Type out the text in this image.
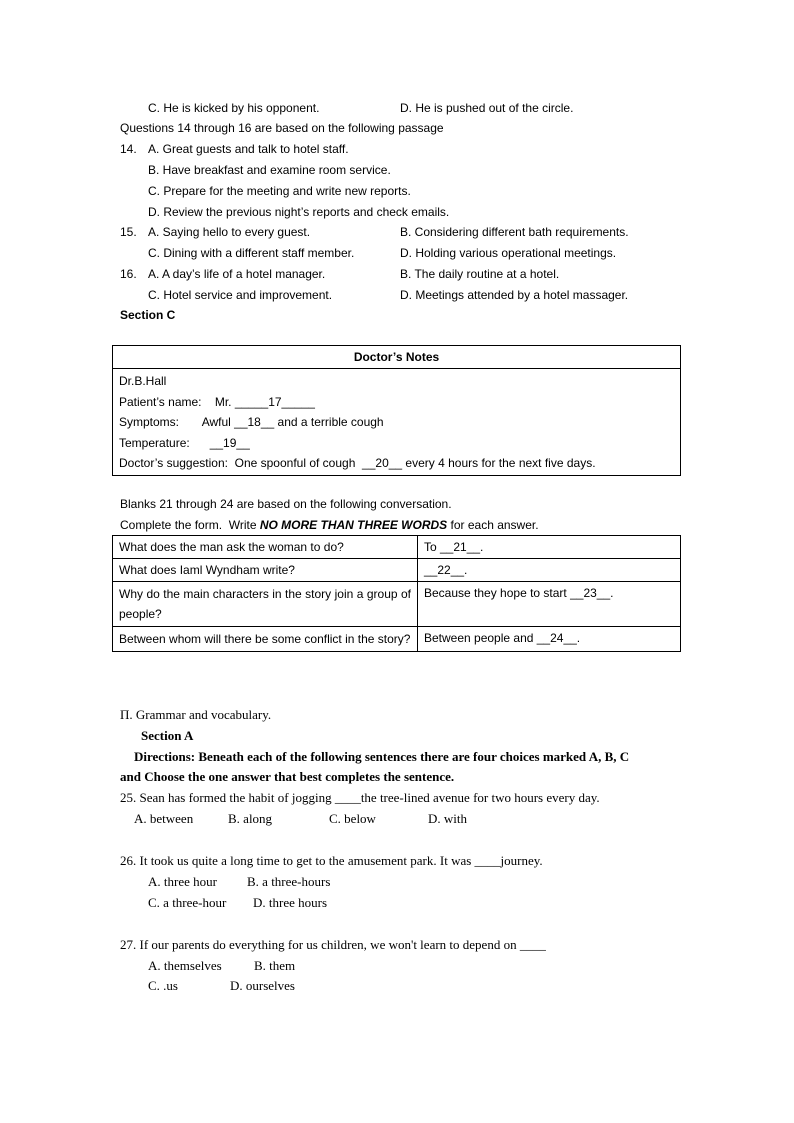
C. He is kicked by his opponent.	D. He is pushed out of the circle.
Questions 14 through 16 are based on the following passage
14. A. Great guests and talk to hotel staff.
B. Have breakfast and examine room service.
C. Prepare for the meeting and write new reports.
D. Review the previous night’s reports and check emails.
15. A. Saying hello to every guest.	B. Considering different bath requirements.
C. Dining with a different staff member.	D. Holding various operational meetings.
16. A. A day’s life of a hotel manager.	B. The daily routine at a hotel.
C. Hotel service and improvement.	D. Meetings attended by a hotel massager.
Section C
Doctor’s Notes

Dr.B.Hall
Patient’s name:    Mr. _____17_____
Symptoms:       Awful __18__ and a terrible cough
Temperature:      __19__
Doctor’s suggestion:  One spoonful of cough  __20__ every 4 hours for the next five days.
Blanks 21 through 24 are based on the following conversation.
Complete the form.  Write NO MORE THAN THREE WORDS for each answer.
What does the man ask the woman to do?	To __21__.
What does Iaml Wyndham write?	__22__.
Why do the main characters in the story join a group of people?	Because they hope to start __23__.
Between whom will there be some conflict in the story?	Between people and __24__.
Π. Grammar and vocabulary.
Section A
Directions: Beneath each of the following sentences there are four choices marked A, B, C
and Choose the one answer that best completes the sentence.
25. Sean has formed the habit of jogging ____the tree-lined avenue for two hours every day.
A. between	B. along	C. below	D. with
26. It took us quite a long time to get to the amusement park. It was ____journey.
A. three hour B. a three-hours
C. a three-hour D. three hours
27. If our parents do everything for us children, we won't learn to depend on ____
A. themselves B. them
C. .us	D. ourselves
